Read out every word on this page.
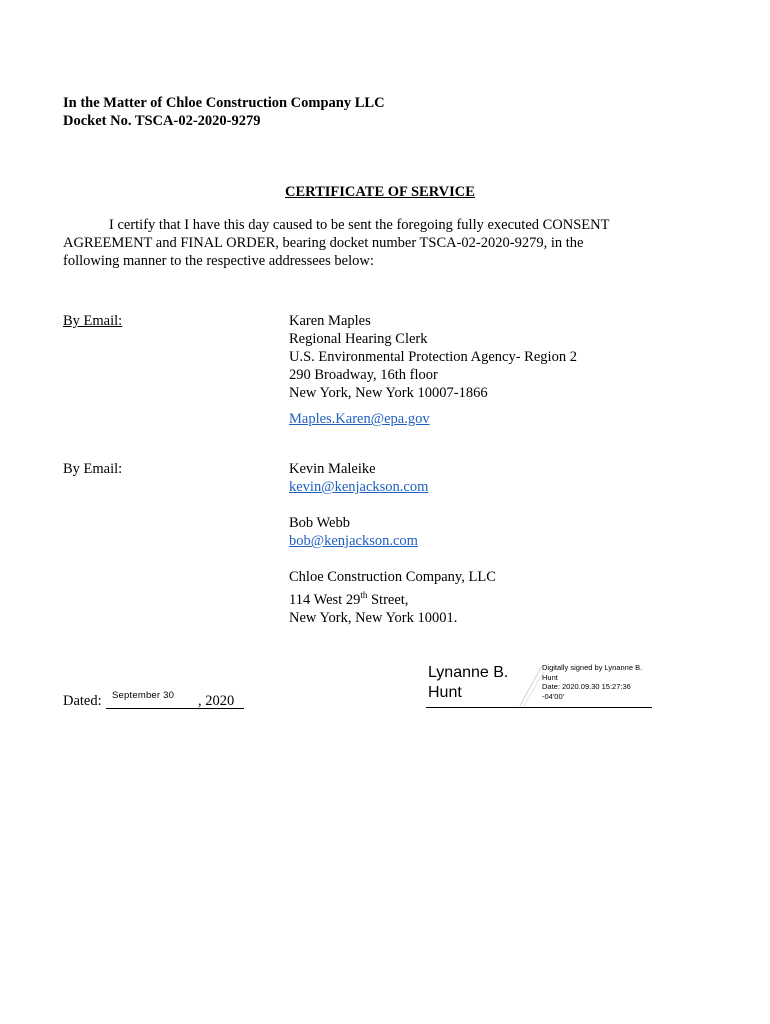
In the Matter of Chloe Construction Company LLC
Docket No. TSCA-02-2020-9279
CERTIFICATE OF SERVICE
I certify that I have this day caused to be sent the foregoing fully executed CONSENT AGREEMENT and FINAL ORDER, bearing docket number TSCA-02-2020-9279, in the following manner to the respective addressees below:
By Email:	Karen Maples
Regional Hearing Clerk
U.S. Environmental Protection Agency- Region 2
290 Broadway, 16th floor
New York, New York 10007-1866
Maples.Karen@epa.gov
By Email:	Kevin Maleike
kevin@kenjackson.com
Bob Webb
bob@kenjackson.com
Chloe Construction Company, LLC
114 West 29th Street,
New York, New York 10001.
Dated: September 30 , 2020
Lynanne B.
Hunt
Digitally signed by Lynanne B.
Hunt
Date: 2020.09.30 15:27:36
-04'00'
